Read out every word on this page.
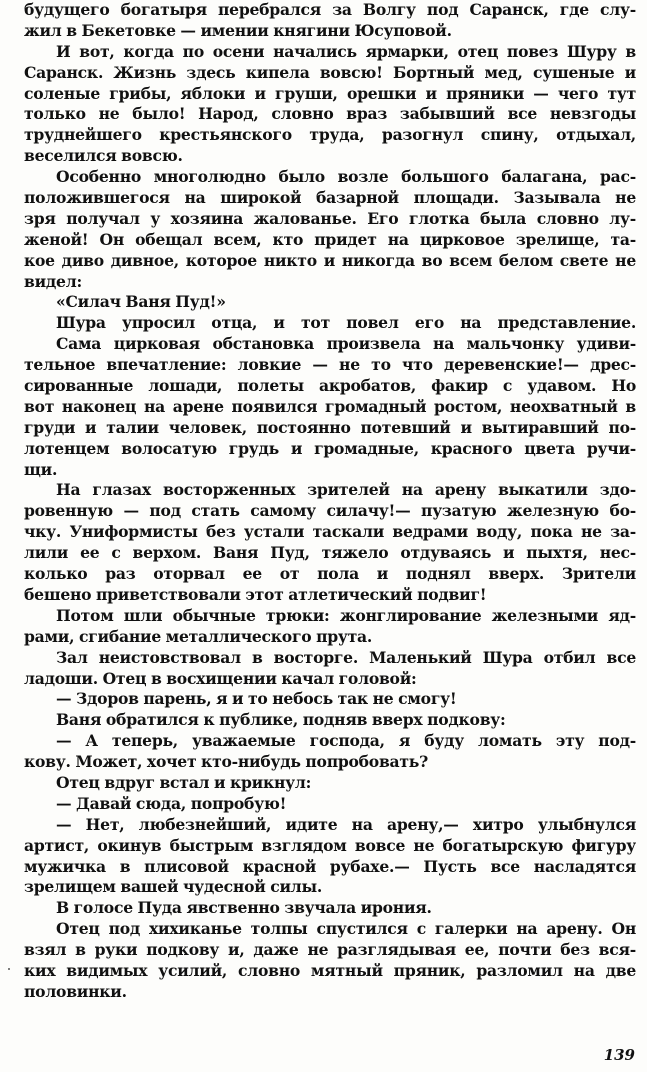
будущего богатыря перебрался за Волгу под Саранск, где слу-
жил в Бекетовке — имении княгини Юсуповой.
И вот, когда по осени начались ярмарки, отец повез Шуру в
Саранск. Жизнь здесь кипела вовсю! Бортный мед, сушеные и
соленые грибы, яблоки и груши, орешки и пряники — чего тут
только не было! Народ, словно враз забывший все невзгоды
труднейшего крестьянского труда, разогнул спину, отдыхал,
веселился вовсю.
Особенно многолюдно было возле большого балагана, рас-
положившегося на широкой базарной площади. Зазывала не
зря получал у хозяина жалованье. Его глотка была словно лу-
женой! Он обещал всем, кто придет на цирковое зрелище, та-
кое диво дивное, которое никто и никогда во всем белом свете не
видел:
«Силач Ваня Пуд!»
Шура упросил отца, и тот повел его на представление.
Сама цирковая обстановка произвела на мальчонку удиви-
тельное впечатление: ловкие — не то что деревенские!— дрес-
сированные лошади, полеты акробатов, факир с удавом. Но
вот наконец на арене появился громадный ростом, неохватный в
груди и талии человек, постоянно потевший и вытиравший по-
лотенцем волосатую грудь и громадные, красного цвета ручи-
щи.
На глазах восторженных зрителей на арену выкатили здо-
ровенную — под стать самому силачу!— пузатую железную бо-
чку. Униформисты без устали таскали ведрами воду, пока не за-
лили ее с верхом. Ваня Пуд, тяжело отдуваясь и пыхтя, нес-
колько раз оторвал ее от пола и поднял вверх. Зрители
бешено приветствовали этот атлетический подвиг!
Потом шли обычные трюки: жонглирование железными яд-
рами, сгибание металлического прута.
Зал неистовствовал в восторге. Маленький Шура отбил все
ладоши. Отец в восхищении качал головой:
— Здоров парень, я и то небось так не смогу!
Ваня обратился к публике, подняв вверх подкову:
— А теперь, уважаемые господа, я буду ломать эту под-
кову. Может, хочет кто-нибудь попробовать?
Отец вдруг встал и крикнул:
— Давай сюда, попробую!
— Нет, любезнейший, идите на арену,— хитро улыбнулся
артист, окинув быстрым взглядом вовсе не богатырскую фигуру
мужичка в плисовой красной рубахе.— Пусть все насладятся
зрелищем вашей чудесной силы.
В голосе Пуда явственно звучала ирония.
Отец под хихиканье толпы спустился с галерки на арену. Он
взял в руки подкову и, даже не разглядывая ее, почти без вся-
ких видимых усилий, словно мятный пряник, разломил на две
половинки.
139
